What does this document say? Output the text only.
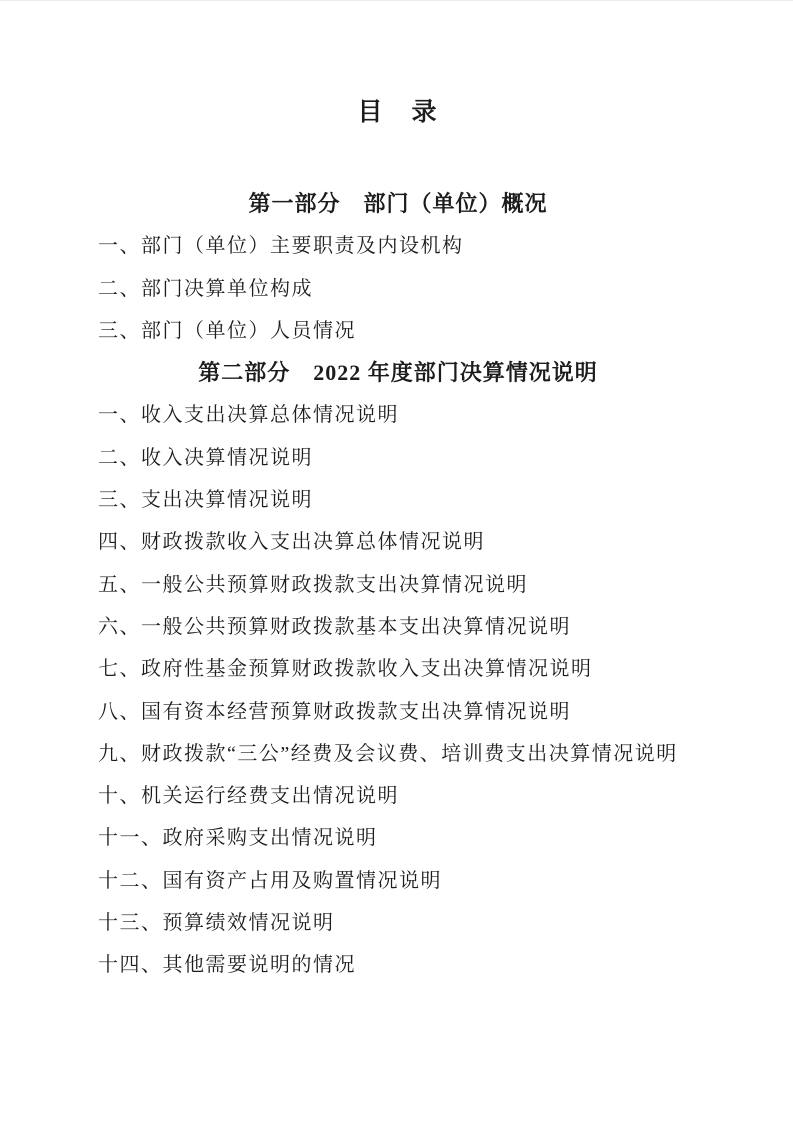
目　录
第一部分　部门（单位）概况

一、部门（单位）主要职责及内设机构

二、部门决算单位构成

三、部门（单位）人员情况

第二部分　2022 年度部门决算情况说明

一、收入支出决算总体情况说明

二、收入决算情况说明

三、支出决算情况说明

四、财政拨款收入支出决算总体情况说明

五、一般公共预算财政拨款支出决算情况说明

六、一般公共预算财政拨款基本支出决算情况说明

七、政府性基金预算财政拨款收入支出决算情况说明

八、国有资本经营预算财政拨款支出决算情况说明

九、财政拨款“三公”经费及会议费、培训费支出决算情况说明

十、机关运行经费支出情况说明

十一、政府采购支出情况说明

十二、国有资产占用及购置情况说明

十三、预算绩效情况说明

十四、其他需要说明的情况
